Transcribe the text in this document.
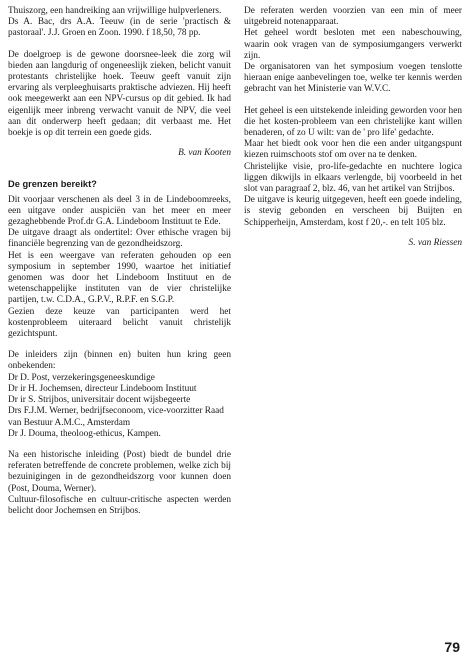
Thuiszorg, een handreiking aan vrijwillige hulpverleners.

Ds A. Bac, drs A.A. Teeuw (in de serie 'practisch & pastoraal'. J.J. Groen en Zoon. 1990. f 18,50, 78 pp.

De doelgroep is de gewone doorsnee-leek die zorg wil bieden aan langdurig of ongeneeslijk zieken, belicht vanuit protestants christelijke hoek. Teeuw geeft vanuit zijn ervaring als verpleeghuisarts praktische adviezen. Hij heeft ook meegewerkt aan een NPV-cursus op dit gebied. Ik had eigenlijk meer inbreng verwacht vanuit de NPV, die veel aan dit onderwerp heeft gedaan; dit verbaast me. Het boekje is op dit terrein een goede gids.

B. van Kooten

De grenzen bereikt?

Dit voorjaar verschenen als deel 3 in de Lindeboomreeks, een uitgave onder auspiciën van het meer en meer gezaghebbende Prof.dr G.A. Lindeboom Instituut te Ede.

De uitgave draagt als ondertitel: Over ethische vragen bij financiële begrenzing van de gezondheidszorg.

Het is een weergave van referaten gehouden op een symposium in september 1990, waartoe het initiatief genomen was door het Lindeboom Instituut en de wetenschappelijke instituten van de vier christelijke partijen, t.w. C.D.A., G.P.V., R.P.F. en S.G.P.

Gezien deze keuze van participanten werd het kostenprobleem uiteraard belicht vanuit christelijk gezichtspunt.

De inleiders zijn (binnen en) buiten hun kring geen onbekenden:

Dr D. Post, verzekeringsgeneeskundige

Dr ir H. Jochemsen, directeur Lindeboom Instituut

Dr ir S. Strijbos, universitair docent wijsbegeerte

Drs F.J.M. Werner, bedrijfseconoom, vice-voorzitter Raad van Bestuur A.M.C., Amsterdam

Dr J. Douma, theoloog-ethicus, Kampen.

Na een historische inleiding (Post) biedt de bundel drie referaten betreffende de concrete problemen, welke zich bij bezuinigingen in de gezondheidszorg voor kunnen doen (Post, Douma, Werner).

Cultuur-filosofische en cultuur-critische aspecten werden belicht door Jochemsen en Strijbos.

De referaten werden voorzien van een min of meer uitgebreid notenapparaat.

Het geheel wordt besloten met een nabeschouwing, waarin ook vragen van de symposiumgangers verwerkt zijn.

De organisatoren van het symposium voegen tenslotte hieraan enige aanbevelingen toe, welke ter kennis werden gebracht van het Ministerie van W.V.C.

Het geheel is een uitstekende inleiding geworden voor hen die het kosten-probleem van een christelijke kant willen benaderen, of zo U wilt: van de ' pro life' gedachte.

Maar het biedt ook voor hen die een ander uitgangspunt kiezen ruimschoots stof om over na te denken.

Christelijke visie, pro-life-gedachte en nuchtere logica liggen dikwijls in elkaars verlengde, bij voorbeeld in het slot van paragraaf 2, blz. 46, van het artikel van Strijbos.

De uitgave is keurig uitgegeven, heeft een goede indeling, is stevig gebonden en verscheen bij Buijten en Schipperheijn, Amsterdam, kost f 20,-. en telt 105 blz.

S. van Riessen

79
